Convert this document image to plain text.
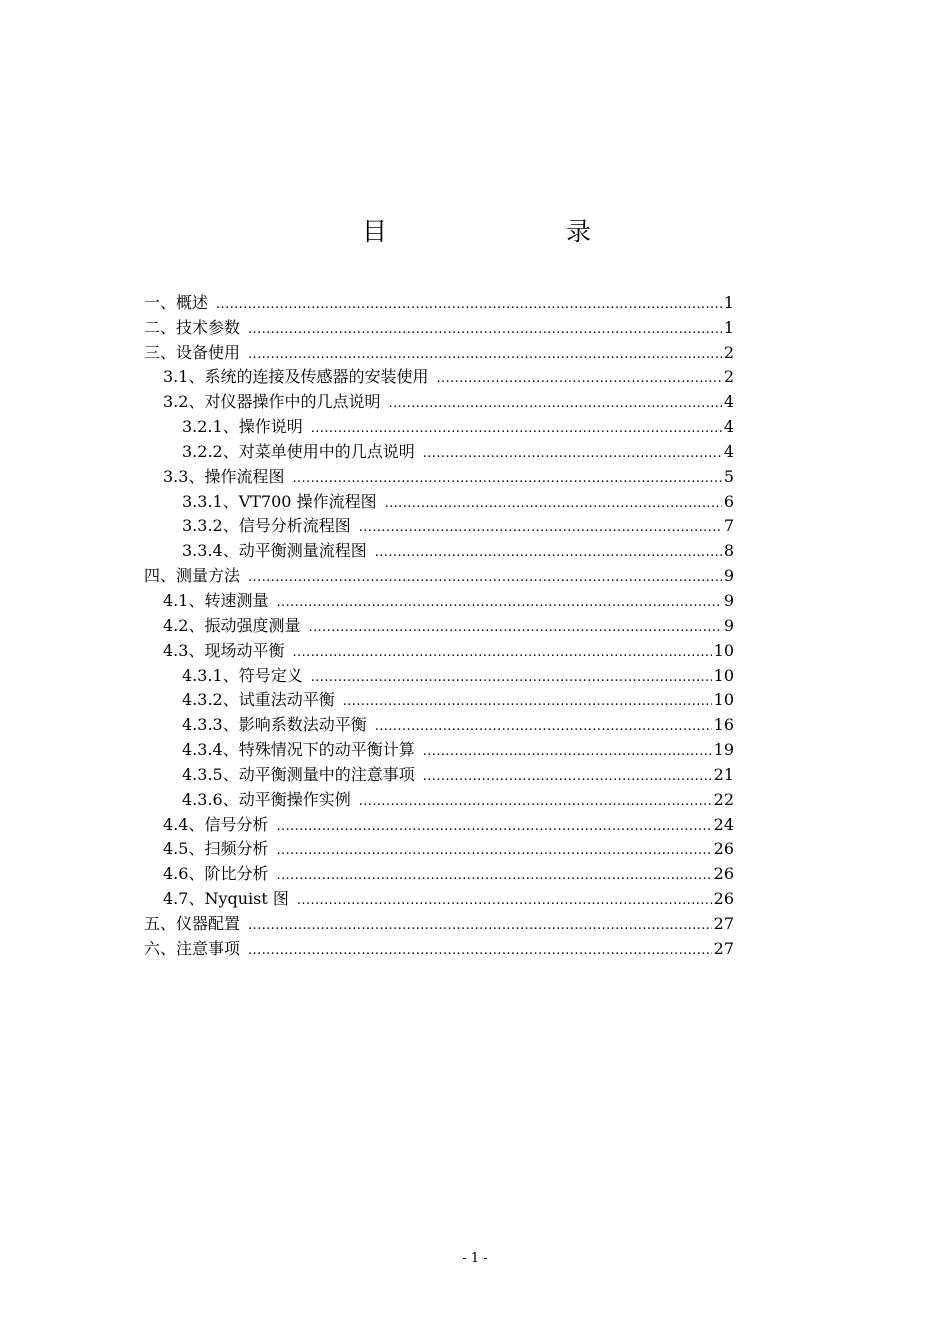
目	录
一、概述 .....	1
二、技术参数 .....	1
三、设备使用 .....	2
3.1、系统的连接及传感器的安装使用 .....	2
3.2、对仪器操作中的几点说明 .....	4
3.2.1、操作说明 .....	4
3.2.2、对菜单使用中的几点说明 .....	4
3.3、操作流程图 .....	5
3.3.1、VT700 操作流程图 .....	6
3.3.2、信号分析流程图 .....	7
3.3.4、动平衡测量流程图 .....	8
四、测量方法 .....	9
4.1、转速测量 .....	9
4.2、振动强度测量 .....	9
4.3、现场动平衡 .....	10
4.3.1、符号定义 .....	10
4.3.2、试重法动平衡 .....	10
4.3.3、影响系数法动平衡 .....	16
4.3.4、特殊情况下的动平衡计算 .....	19
4.3.5、动平衡测量中的注意事项 .....	21
4.3.6、动平衡操作实例 .....	22
4.4、信号分析 .....	24
4.5、扫频分析 .....	26
4.6、阶比分析 .....	26
4.7、Nyquist 图 .....	26
五、仪器配置 .....	27
六、注意事项 .....	27
- 1 -
